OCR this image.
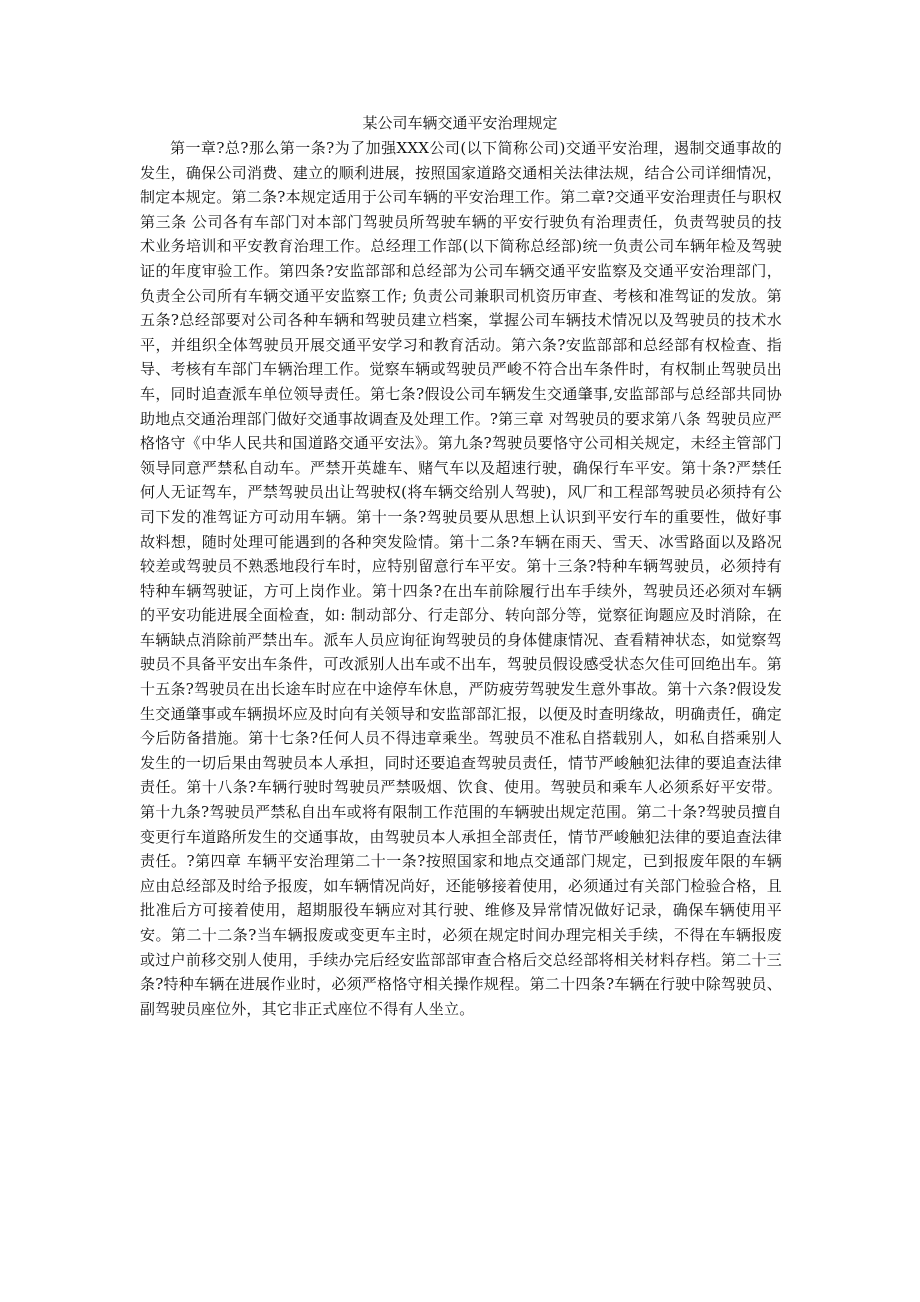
某公司车辆交通平安治理规定

第一章?总?那么第一条?为了加强XXX公司(以下简称公司)交通平安治理，遏制交通事故的发生，确保公司消费、建立的顺利进展，按照国家道路交通相关法律法规，结合公司详细情况，制定本规定。第二条?本规定适用于公司车辆的平安治理工作。第二章?交通平安治理责任与职权第三条 公司各有车部门对本部门驾驶员所驾驶车辆的平安行驶负有治理责任，负责驾驶员的技术业务培训和平安教育治理工作。总经理工作部(以下简称总经部)统一负责公司车辆年检及驾驶证的年度审验工作。第四条?安监部部和总经部为公司车辆交通平安监察及交通平安治理部门，负责全公司所有车辆交通平安监察工作; 负责公司兼职司机资历审查、考核和准驾证的发放。第五条?总经部要对公司各种车辆和驾驶员建立档案，掌握公司车辆技术情况以及驾驶员的技术水平，并组织全体驾驶员开展交通平安学习和教育活动。第六条?安监部部和总经部有权检查、指导、考核有车部门车辆治理工作。觉察车辆或驾驶员严峻不符合出车条件时，有权制止驾驶员出车，同时追查派车单位领导责任。第七条?假设公司车辆发生交通肇事,安监部部与总经部共同协助地点交通治理部门做好交通事故调查及处理工作。?第三章 对驾驶员的要求第八条 驾驶员应严格恪守《中华人民共和国道路交通平安法》。第九条?驾驶员要恪守公司相关规定，未经主管部门领导同意严禁私自动车。严禁开英雄车、赌气车以及超速行驶，确保行车平安。第十条?严禁任何人无证驾车，严禁驾驶员出让驾驶权(将车辆交给别人驾驶)，风厂和工程部驾驶员必须持有公司下发的准驾证方可动用车辆。第十一条?驾驶员要从思想上认识到平安行车的重要性，做好事故料想，随时处理可能遇到的各种突发险情。第十二条?车辆在雨天、雪天、冰雪路面以及路况较差或驾驶员不熟悉地段行车时，应特别留意行车平安。第十三条?特种车辆驾驶员，必须持有特种车辆驾驶证，方可上岗作业。第十四条?在出车前除履行出车手续外，驾驶员还必须对车辆的平安功能进展全面检查，如: 制动部分、行走部分、转向部分等，觉察征询题应及时消除，在车辆缺点消除前严禁出车。派车人员应询征询驾驶员的身体健康情况、查看精神状态，如觉察驾驶员不具备平安出车条件，可改派别人出车或不出车，驾驶员假设感受状态欠佳可回绝出车。第十五条?驾驶员在出长途车时应在中途停车休息，严防疲劳驾驶发生意外事故。第十六条?假设发生交通肇事或车辆损坏应及时向有关领导和安监部部汇报，以便及时查明缘故，明确责任，确定今后防备措施。第十七条?任何人员不得违章乘坐。驾驶员不准私自搭载别人，如私自搭乘别人发生的一切后果由驾驶员本人承担，同时还要追查驾驶员责任，情节严峻触犯法律的要追查法律责任。第十八条?车辆行驶时驾驶员严禁吸烟、饮食、使用。驾驶员和乘车人必须系好平安带。第十九条?驾驶员严禁私自出车或将有限制工作范围的车辆驶出规定范围。第二十条?驾驶员擅自变更行车道路所发生的交通事故，由驾驶员本人承担全部责任，情节严峻触犯法律的要追查法律责任。?第四章 车辆平安治理第二十一条?按照国家和地点交通部门规定，已到报废年限的车辆应由总经部及时给予报废，如车辆情况尚好，还能够接着使用，必须通过有关部门检验合格，且批准后方可接着使用，超期服役车辆应对其行驶、维修及异常情况做好记录，确保车辆使用平安。第二十二条?当车辆报废或变更车主时，必须在规定时间办理完相关手续，不得在车辆报废或过户前移交别人使用，手续办完后经安监部部审查合格后交总经部将相关材料存档。第二十三条?特种车辆在进展作业时，必须严格恪守相关操作规程。第二十四条?车辆在行驶中除驾驶员、副驾驶员座位外，其它非正式座位不得有人坐立。
